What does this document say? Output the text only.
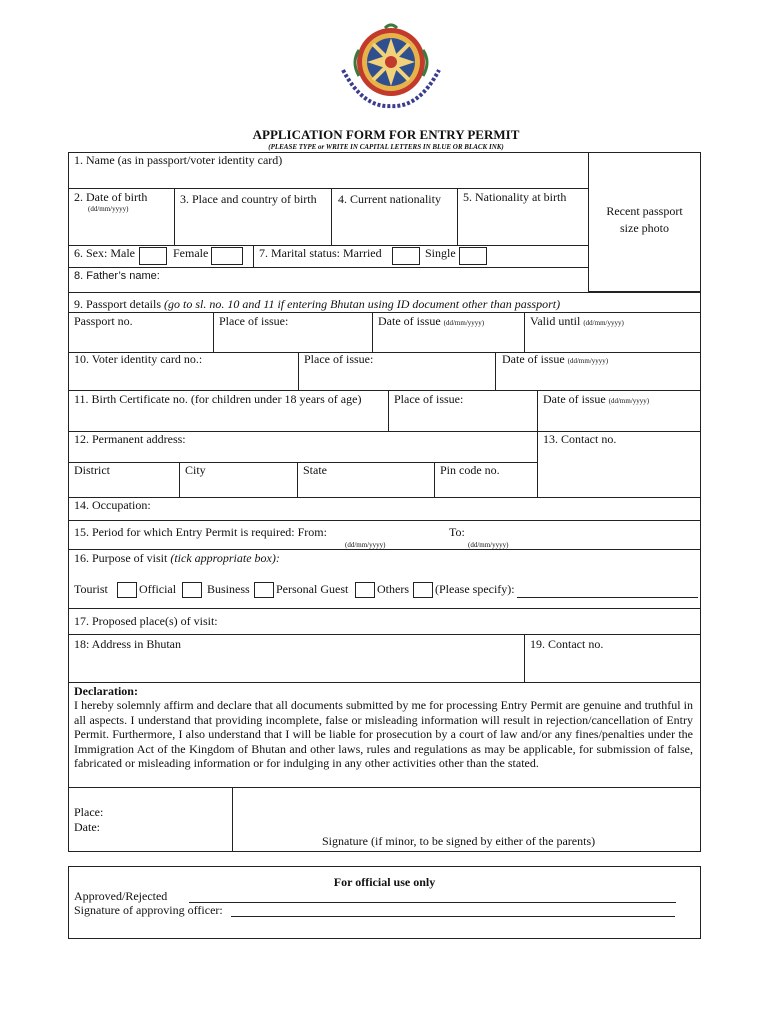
APPLICATION FORM FOR ENTRY PERMIT
(PLEASE TYPE or WRITE IN CAPITAL LETTERS IN BLUE OR BLACK INK)
Recent passport
size photo
1. Name (as in passport/voter identity card)
2. Date of birth
(dd/mm/yyyy)
3. Place and country of birth 4. Current nationality 5. Nationality at birth
6. Sex: Male	Female	7. Marital status: Married	Single
8. Father’s name:
9. Passport details (go to sl. no. 10 and 11 if entering Bhutan using ID document other than passport)
Passport no.	Place of issue:	Date of issue (dd/mm/yyyy)	Valid until (dd/mm/yyyy)
10. Voter identity card no.:	Place of issue:	Date of issue (dd/mm/yyyy)
11. Birth Certificate no. (for children under 18 years of age)	Place of issue:	Date of issue (dd/mm/yyyy)
12. Permanent address:	13. Contact no.
District	City	State	Pin code no.
14. Occupation:
15. Period for which Entry Permit is required: From:
(dd/mm/yyyy)
To:
(dd/mm/yyyy)
16. Purpose of visit (tick appropriate box):
Tourist	Official	Business Personal Guest Others (Please specify):
17. Proposed place(s) of visit:
18: Address in Bhutan	19. Contact no.
Declaration:
I hereby solemnly affirm and declare that all documents submitted by me for processing Entry Permit are genuine and truthful in all aspects. I understand that providing incomplete, false or misleading information will result in rejection/cancellation of Entry Permit. Furthermore, I also understand that I will be liable for prosecution by a court of law and/or any fines/penalties under the Immigration Act of the Kingdom of Bhutan and other laws, rules and regulations as may be applicable, for submission of false, fabricated or misleading information or for indulging in any other activities other than the stated.
Place:
Date:
Signature (if minor, to be signed by either of the parents)
For official use only
Approved/Rejected
Signature of approving officer:
